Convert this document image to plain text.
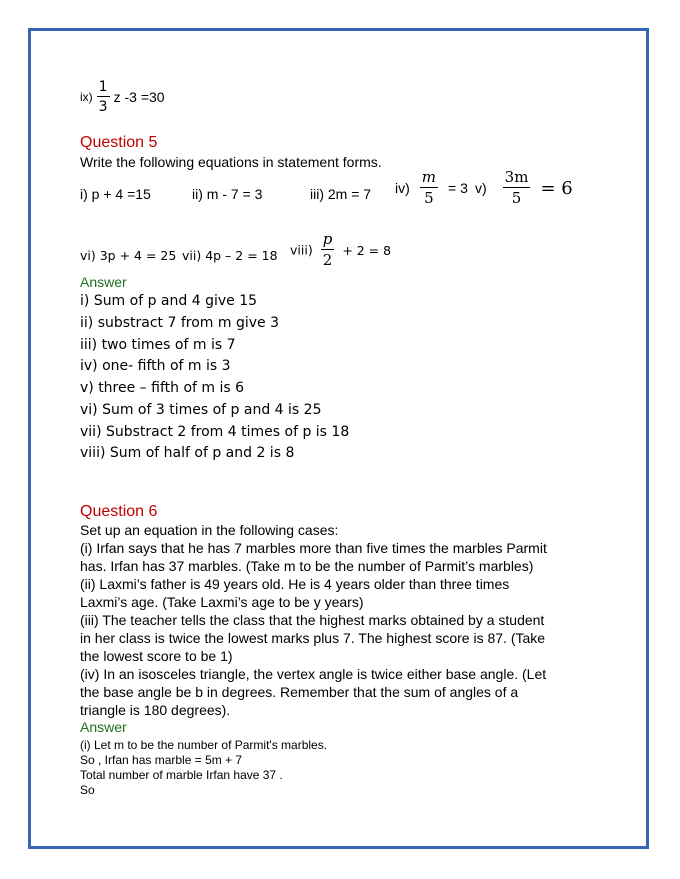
$ix) \frac{1}{3}$ z -3 =30
Question 5
Write the following equations in statement forms.
i) p + 4 =15	ii) m - 7 = 3	iii) 2m = 7 $iv) \frac{m}{5} = 3$ $v) \frac{3m}{5} = 6$
vi) 3p + 4 = 25 vii) 4p – 2 = 18 viii) $\frac{p}{2} + 2 = 8$
Answer
i) Sum of p and 4 give 15
ii) substract 7 from m give 3
iii) two times of m is 7
iv) one- fifth of m is 3
v) three – fifth of m is 6
vi) Sum of 3 times of p and 4 is 25
vii) Substract 2 from 4 times of p is 18
viii) Sum of half of p and 2 is 8
Question 6
Set up an equation in the following cases:
(i) Irfan says that he has 7 marbles more than five times the marbles Parmit
has. Irfan has 37 marbles. (Take m to be the number of Parmit’s marbles)
(ii) Laxmi’s father is 49 years old. He is 4 years older than three times
Laxmi’s age. (Take Laxmi’s age to be y years)
(iii) The teacher tells the class that the highest marks obtained by a student
in her class is twice the lowest marks plus 7. The highest score is 87. (Take
the lowest score to be 1)
(iv) In an isosceles triangle, the vertex angle is twice either base angle. (Let
the base angle be b in degrees. Remember that the sum of angles of a
triangle is 180 degrees).
Answer
(i) Let m to be the number of Parmit's marbles.
So , Irfan has marble = 5m + 7
Total number of marble Irfan have 37 .
So
